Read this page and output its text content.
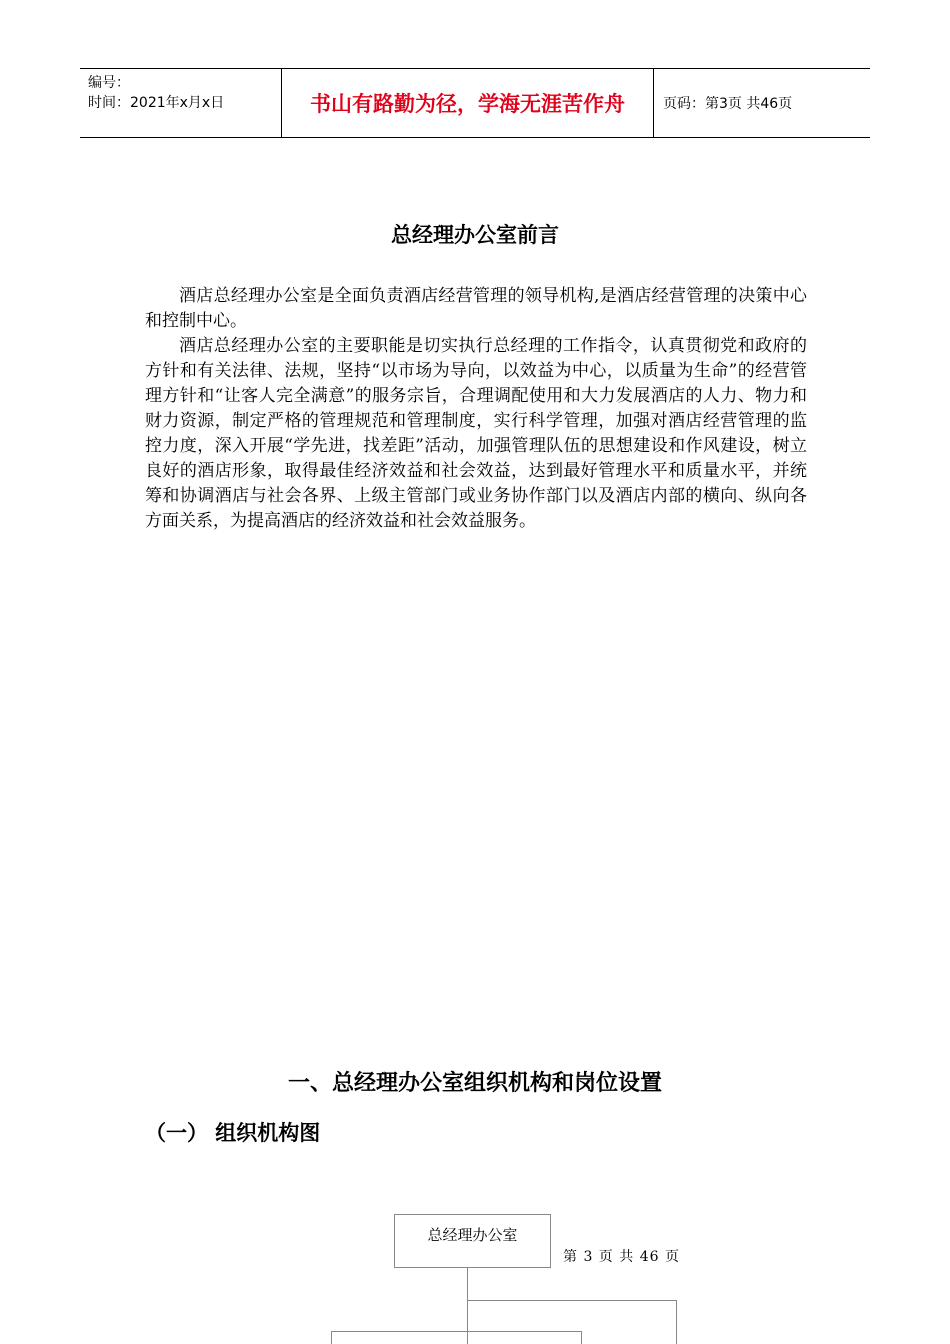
编号：
时间：2021年x月x日	书山有路勤为径，学海无涯苦作舟	页码：第3页 共46页
总经理办公室前言

酒店总经理办公室是全面负责酒店经营管理的领导机构,是酒店经营管理的决策中心和控制中心。

酒店总经理办公室的主要职能是切实执行总经理的工作指令，认真贯彻党和政府的方针和有关法律、法规，坚持“以市场为导向，以效益为中心，以质量为生命”的经营管理方针和“让客人完全满意”的服务宗旨，合理调配使用和大力发展酒店的人力、物力和财力资源，制定严格的管理规范和管理制度，实行科学管理，加强对酒店经营管理的监控力度，深入开展“学先进，找差距”活动，加强管理队伍的思想建设和作风建设，树立良好的酒店形象，取得最佳经济效益和社会效益，达到最好管理水平和质量水平，并统筹和协调酒店与社会各界、上级主管部门或业务协作部门以及酒店内部的横向、纵向各方面关系，为提高酒店的经济效益和社会效益服务。

一、总经理办公室组织机构和岗位设置
（一） 组织机构图
总经理办公室
第 3 页 共 46 页
